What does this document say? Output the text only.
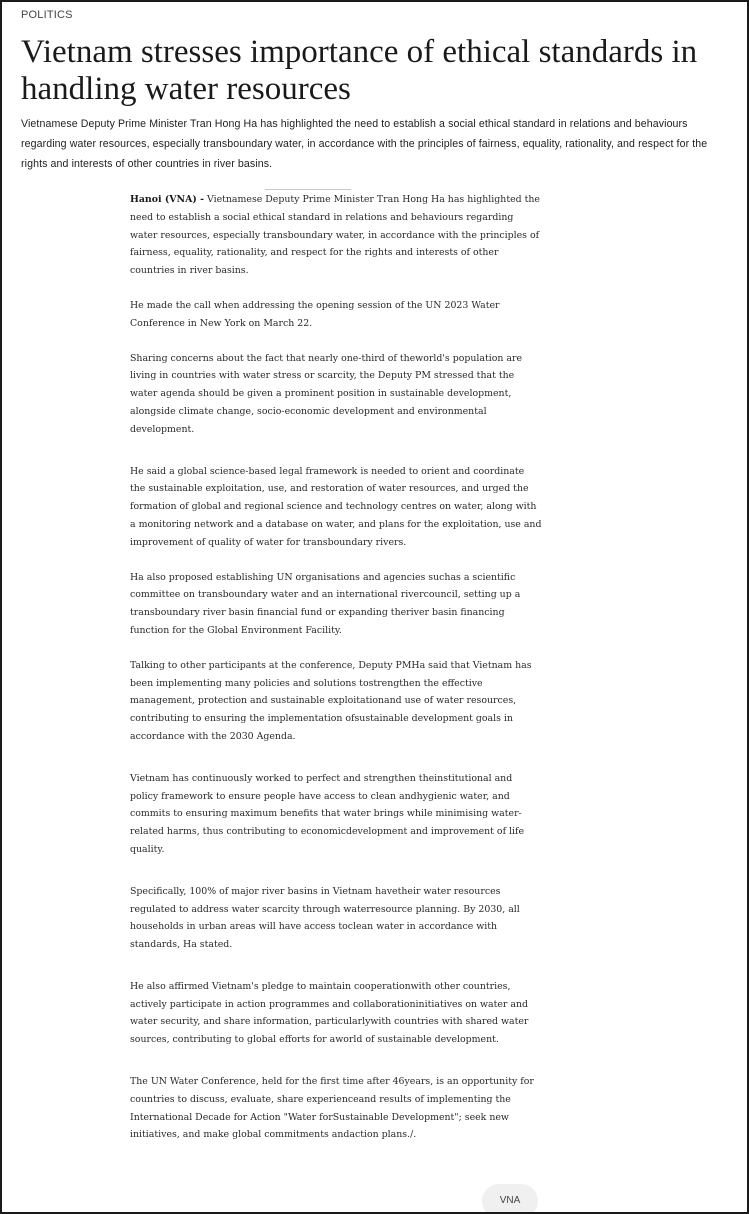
POLITICS
Vietnam stresses importance of ethical standards in handling water resources

Vietnamese Deputy Prime Minister Tran Hong Ha has highlighted the need to establish a social ethical standard in relations and behaviours regarding water resources, especially transboundary water, in accordance with the principles of fairness, equality, rationality, and respect for the rights and interests of other countries in river basins.

Hanoi (VNA) - Vietnamese Deputy Prime Minister Tran Hong Ha has highlighted the need to establish a social ethical standard in relations and behaviours regarding water resources, especially transboundary water, in accordance with the principles of fairness, equality, rationality, and respect for the rights and interests of other countries in river basins.

He made the call when addressing the opening session of the UN 2023 Water Conference in New York on March 22.

Sharing concerns about the fact that nearly one-third of theworld's population are living in countries with water stress or scarcity, the Deputy PM stressed that the water agenda should be given a prominent position in sustainable development, alongside climate change, socio-economic development and environmental development.

He said a global science-based legal framework is needed to orient and coordinate the sustainable exploitation, use, and restoration of water resources, and urged the formation of global and regional science and technology centres on water, along with a monitoring network and a database on water, and plans for the exploitation, use and improvement of quality of water for transboundary rivers.

Ha also proposed establishing UN organisations and agencies suchas a scientific committee on transboundary water and an international rivercouncil, setting up a transboundary river basin financial fund or expanding theriver basin financing function for the Global Environment Facility.

Talking to other participants at the conference, Deputy PMHa said that Vietnam has been implementing many policies and solutions tostrengthen the effective management, protection and sustainable exploitationand use of water resources, contributing to ensuring the implementation ofsustainable development goals in accordance with the 2030 Agenda.

Vietnam has continuously worked to perfect and strengthen theinstitutional and policy framework to ensure people have access to clean andhygienic water, and commits to ensuring maximum benefits that water brings while minimising water-related harms, thus contributing to economicdevelopment and improvement of life quality.

Specifically, 100% of major river basins in Vietnam havetheir water resources regulated to address water scarcity through waterresource planning. By 2030, all households in urban areas will have access toclean water in accordance with standards, Ha stated.

He also affirmed Vietnam's pledge to maintain cooperationwith other countries, actively participate in action programmes and collaborationinitiatives on water and water security, and share information, particularlywith countries with shared water sources, contributing to global efforts for aworld of sustainable development.

The UN Water Conference, held for the first time after 46years, is an opportunity for countries to discuss, evaluate, share experienceand results of implementing the International Decade for Action "Water forSustainable Development"; seek new initiatives, and make global commitments andaction plans./.

VNA
